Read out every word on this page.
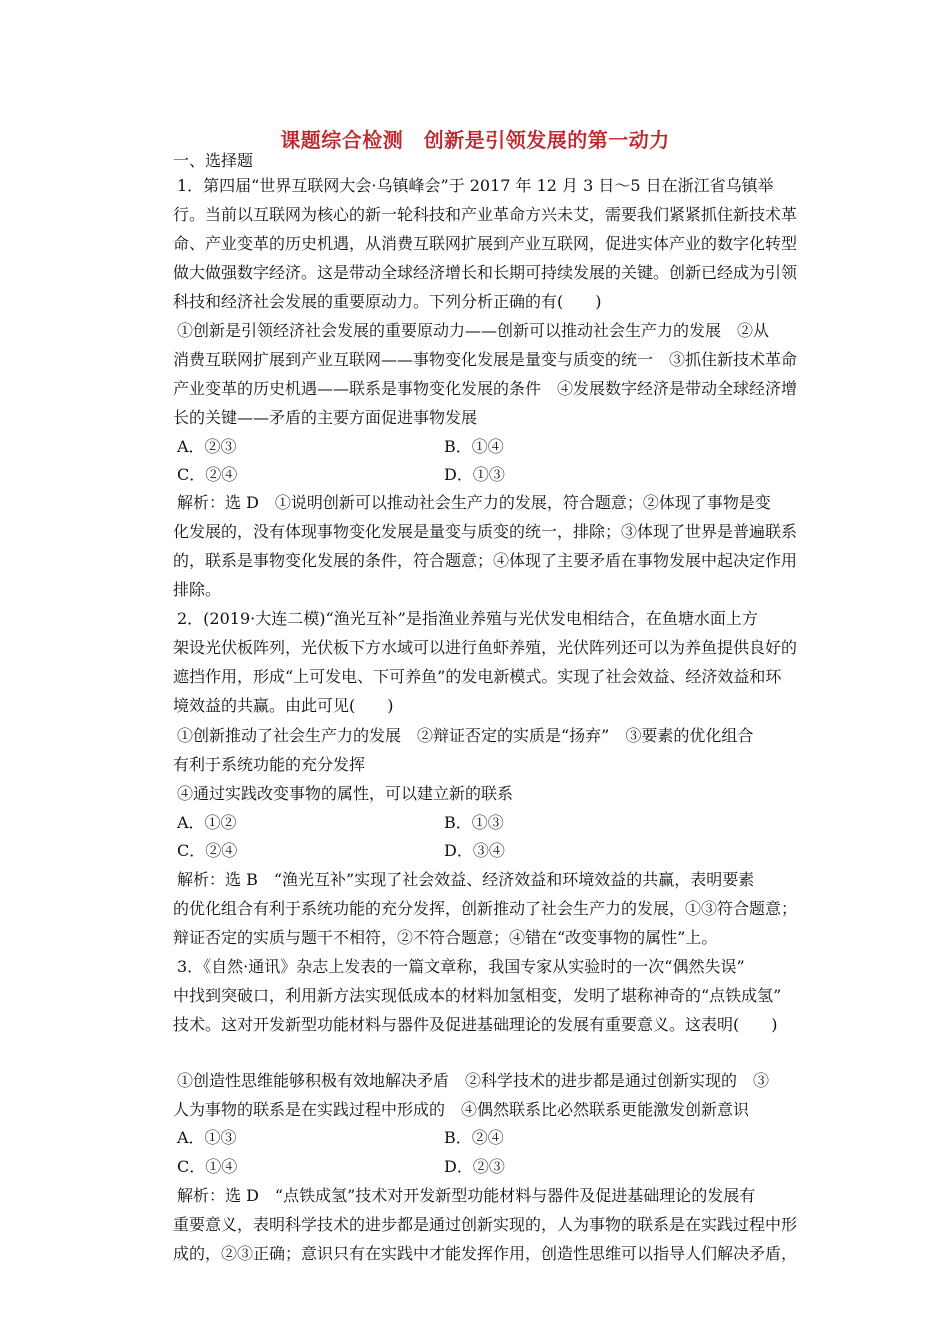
课题综合检测　创新是引领发展的第一动力
一、选择题
1．第四届“世界互联网大会·乌镇峰会”于 2017 年 12 月 3 日～5 日在浙江省乌镇举
行。当前以互联网为核心的新一轮科技和产业革命方兴未艾，需要我们紧紧抓住新技术革
命、产业变革的历史机遇，从消费互联网扩展到产业互联网，促进实体产业的数字化转型
做大做强数字经济。这是带动全球经济增长和长期可持续发展的关键。创新已经成为引领
科技和经济社会发展的重要原动力。下列分析正确的有(　　)
①创新是引领经济社会发展的重要原动力——创新可以推动社会生产力的发展　②从
消费互联网扩展到产业互联网——事物变化发展是量变与质变的统一　③抓住新技术革命
产业变革的历史机遇——联系是事物变化发展的条件　④发展数字经济是带动全球经济增
长的关键——矛盾的主要方面促进事物发展
A．②③	B．①④
C．②④	D．①③
解析：选 D　①说明创新可以推动社会生产力的发展，符合题意；②体现了事物是变
化发展的，没有体现事物变化发展是量变与质变的统一，排除；③体现了世界是普遍联系
的，联系是事物变化发展的条件，符合题意；④体现了主要矛盾在事物发展中起决定作用
排除。
2．(2019·大连二模)“渔光互补”是指渔业养殖与光伏发电相结合，在鱼塘水面上方
架设光伏板阵列，光伏板下方水域可以进行鱼虾养殖，光伏阵列还可以为养鱼提供良好的
遮挡作用，形成“上可发电、下可养鱼”的发电新模式。实现了社会效益、经济效益和环
境效益的共赢。由此可见(　　)
①创新推动了社会生产力的发展　②辩证否定的实质是“扬弃”　③要素的优化组合
有利于系统功能的充分发挥
④通过实践改变事物的属性，可以建立新的联系
A．①②	B．①③
C．②④	D．③④
解析：选 B　“渔光互补”实现了社会效益、经济效益和环境效益的共赢，表明要素
的优化组合有利于系统功能的充分发挥，创新推动了社会生产力的发展，①③符合题意；
辩证否定的实质与题干不相符，②不符合题意；④错在“改变事物的属性”上。
3．《自然·通讯》杂志上发表的一篇文章称，我国专家从实验时的一次“偶然失误”
中找到突破口，利用新方法实现低成本的材料加氢相变，发明了堪称神奇的“点铁成氢”
技术。这对开发新型功能材料与器件及促进基础理论的发展有重要意义。这表明(　　)
①创造性思维能够积极有效地解决矛盾　②科学技术的进步都是通过创新实现的　③
人为事物的联系是在实践过程中形成的　④偶然联系比必然联系更能激发创新意识
A．①③	B．②④
C．①④	D．②③
解析：选 D　“点铁成氢”技术对开发新型功能材料与器件及促进基础理论的发展有
重要意义，表明科学技术的进步都是通过创新实现的，人为事物的联系是在实践过程中形
成的，②③正确；意识只有在实践中才能发挥作用，创造性思维可以指导人们解决矛盾，
